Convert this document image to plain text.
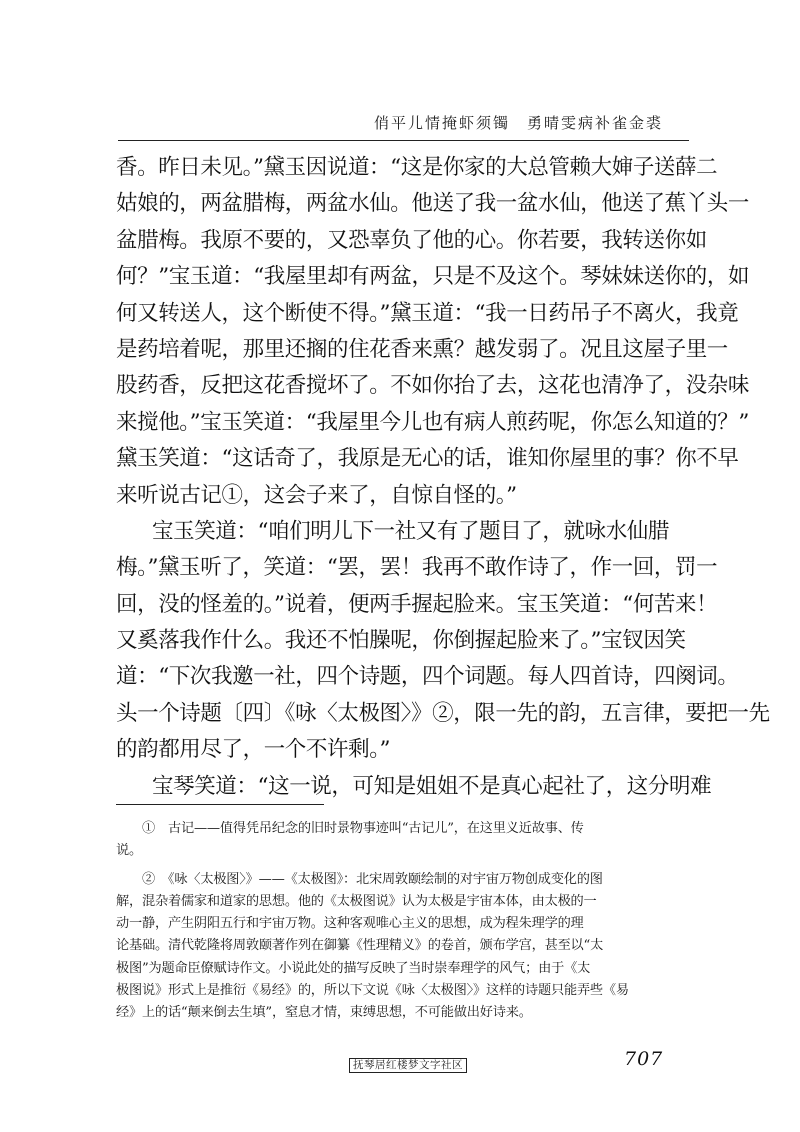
俏平儿情掩虾须镯　勇晴雯病补雀金裘
香。昨日未见。”黛玉因说道：“这是你家的大总管赖大婶子送薛二
姑娘的，两盆腊梅，两盆水仙。他送了我一盆水仙，他送了蕉丫头一
盆腊梅。我原不要的，又恐辜负了他的心。你若要，我转送你如
何？”宝玉道：“我屋里却有两盆，只是不及这个。琴妹妹送你的，如
何又转送人，这个断使不得。”黛玉道：“我一日药吊子不离火，我竟
是药培着呢，那里还搁的住花香来熏？越发弱了。况且这屋子里一
股药香，反把这花香搅坏了。不如你抬了去，这花也清净了，没杂味
来搅他。”宝玉笑道：“我屋里今儿也有病人煎药呢，你怎么知道的？”
黛玉笑道：“这话奇了，我原是无心的话，谁知你屋里的事？你不早
来听说古记①，这会子来了，自惊自怪的。”
宝玉笑道：“咱们明儿下一社又有了题目了，就咏水仙腊
梅。”黛玉听了，笑道：“罢，罢！我再不敢作诗了，作一回，罚一
回，没的怪羞的。”说着，便两手握起脸来。宝玉笑道：“何苦来！
又奚落我作什么。我还不怕臊呢，你倒握起脸来了。”宝钗因笑
道：“下次我邀一社，四个诗题，四个词题。每人四首诗，四阕词。
头一个诗题〔四〕《咏〈太极图〉》②，限一先的韵，五言律，要把一先
的韵都用尽了，一个不许剩。”
宝琴笑道：“这一说，可知是姐姐不是真心起社了，这分明难
①　古记——值得凭吊纪念的旧时景物事迹叫“古记儿”，在这里义近故事、传
说。
②　《咏〈太极图〉》——《太极图》：北宋周敦颐绘制的对宇宙万物创成变化的图
解，混杂着儒家和道家的思想。他的《太极图说》认为太极是宇宙本体，由太极的一
动一静，产生阴阳五行和宇宙万物。这种客观唯心主义的思想，成为程朱理学的理
论基础。清代乾隆将周敦颐著作列在御纂《性理精义》的卷首，颁布学宫，甚至以“太
极图”为题命臣僚赋诗作文。小说此处的描写反映了当时崇奉理学的风气；由于《太
极图说》形式上是推衍《易经》的，所以下文说《咏〈太极图〉》这样的诗题只能弄些《易
经》上的话“颠来倒去生填”，窒息才情，束缚思想，不可能做出好诗来。
抚琴居红楼梦文字社区	707
